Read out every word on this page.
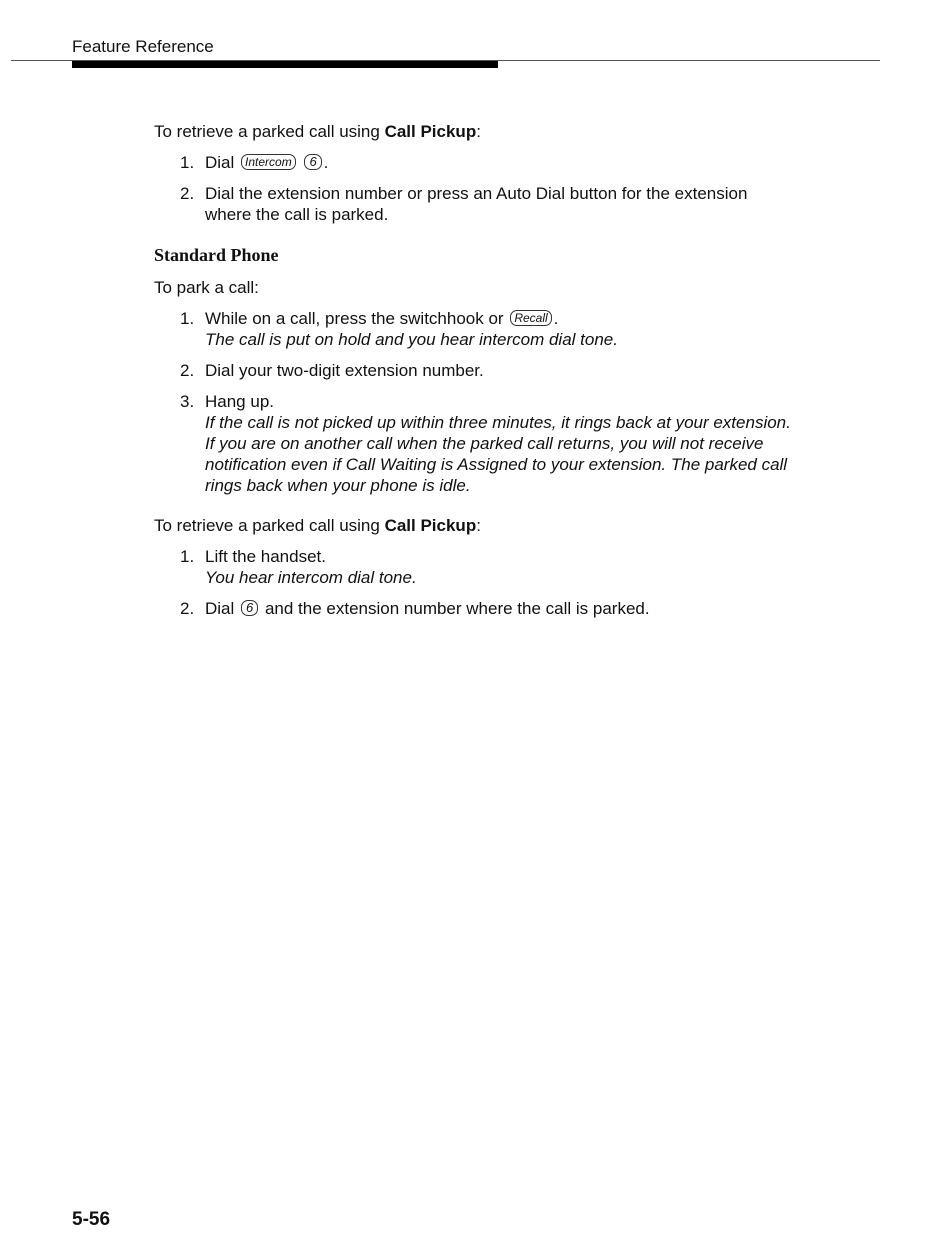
Feature Reference

To retrieve a parked call using Call Pickup:

1. Dial Intercom 6 .
2. Dial the extension number or press an Auto Dial button for the extension where the call is parked.

Standard Phone

To park a call:

1. While on a call, press the switchhook or Recall .
The call is put on hold and you hear intercom dial tone.
2. Dial your two-digit extension number.
3. Hang up.
If the call is not picked up within three minutes, it rings back at your extension. If you are on another call when the parked call returns, you will not receive notification even if Call Waiting is Assigned to your extension. The parked call rings back when your phone is idle.

To retrieve a parked call using Call Pickup:

1. Lift the handset.
You hear intercom dial tone.
2. Dial 6 and the extension number where the call is parked.
5-56
